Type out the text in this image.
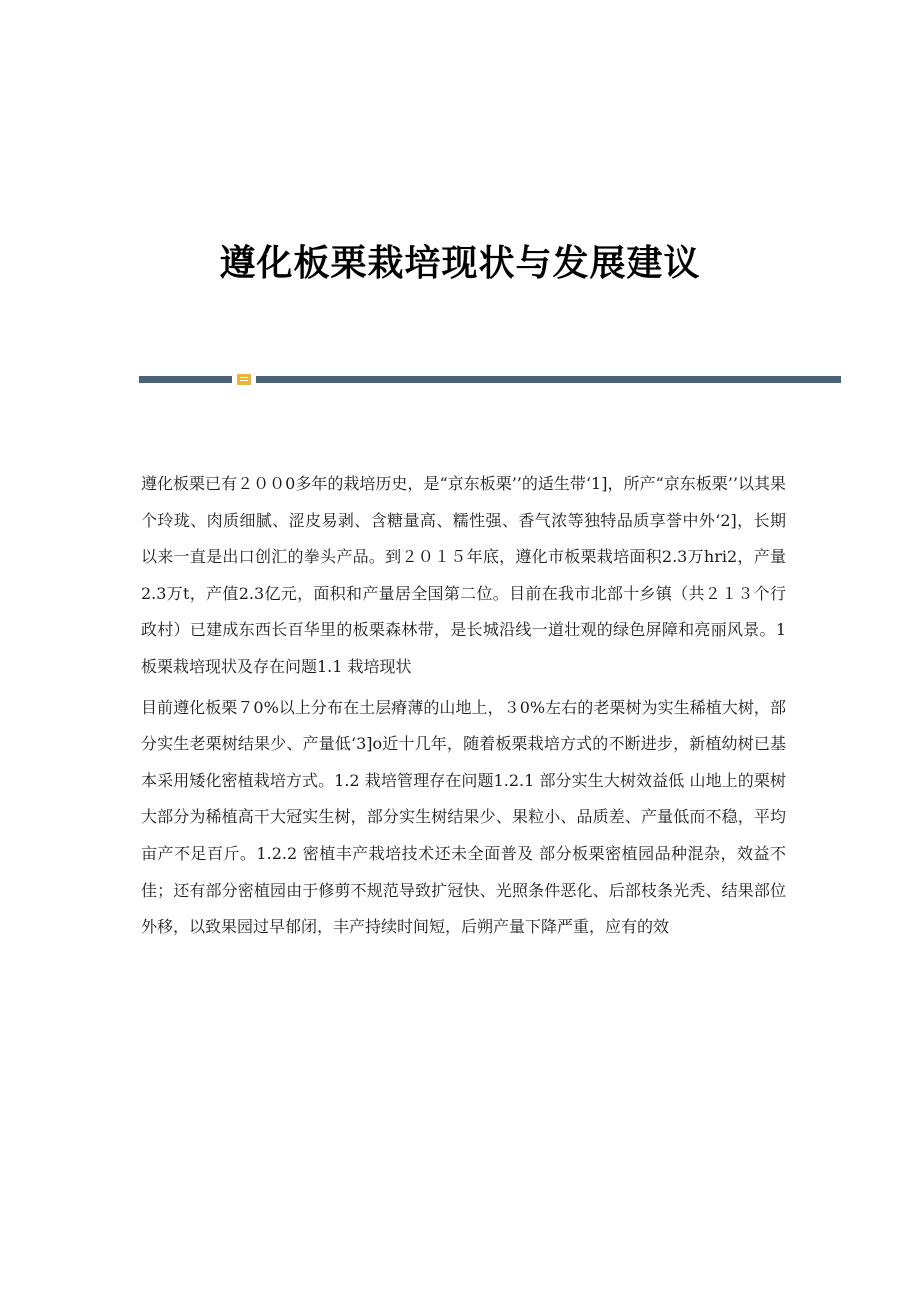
遵化板栗栽培现状与发展建议

遵化板栗已有２００0多年的栽培历史，是“京东板栗’’的适生带‘1]，所产“京东板栗’’以其果个玲珑、肉质细腻、涩皮易剥、含糖量高、糯性强、香气浓等独特品质享誉中外‘2]，长期以来一直是出口创汇的拳头产品。到２０１５年底，遵化市板栗栽培面积2.3万hri2，产量2.3万t，产值2.3亿元，面积和产量居全国第二位。目前在我市北部十乡镇（共２１３个行政村）已建成东西长百华里的板栗森林带，是长城沿线一道壮观的绿色屏障和亮丽风景。1板栗栽培现状及存在问题1.1 栽培现状

目前遵化板栗７0%以上分布在土层瘠薄的山地上，３0%左右的老栗树为实生稀植大树，部分实生老栗树结果少、产量低‘3]o近十几年，随着板栗栽培方式的不断进步，新植幼树已基本采用矮化密植栽培方式。1.2 栽培管理存在问题1.2.1 部分实生大树效益低 山地上的栗树大部分为稀植高干大冠实生树，部分实生树结果少、果粒小、品质差、产量低而不稳，平均亩产不足百斤。1.2.2 密植丰产栽培技术还未全面普及 部分板栗密植园品种混杂，效益不佳；还有部分密植园由于修剪不规范导致扩冠快、光照条件恶化、后部枝条光秃、结果部位外移，以致果园过早郁闭，丰产持续时间短，后朔产量下降严重，应有的效
